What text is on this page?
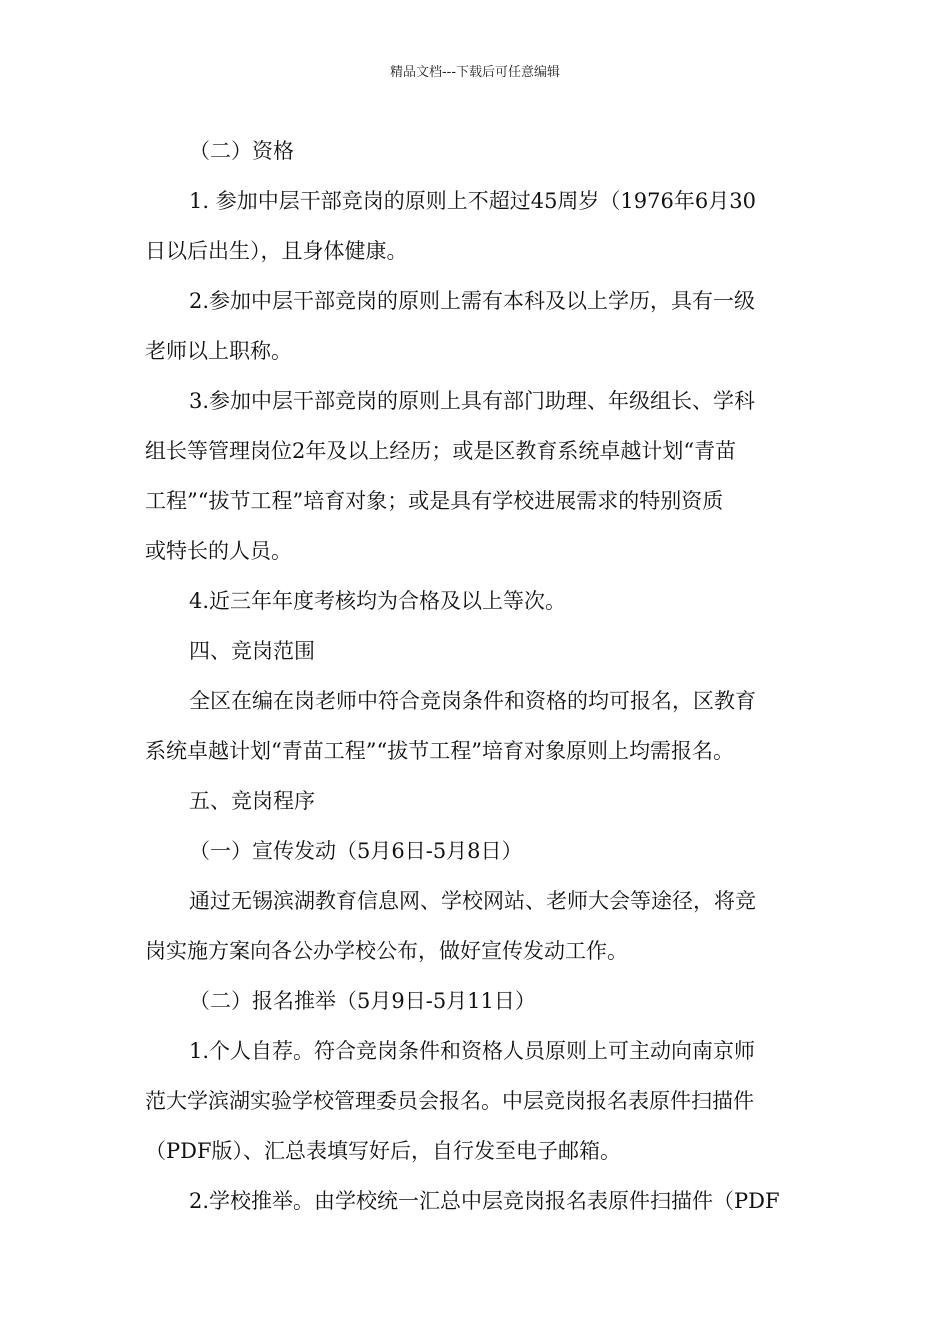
精品文档---下载后可任意编辑
（二）资格
1. 参加中层干部竞岗的原则上不超过45周岁（1976年6月30
日以后出生），且身体健康。
2.参加中层干部竞岗的原则上需有本科及以上学历，具有一级
老师以上职称。
3.参加中层干部竞岗的原则上具有部门助理、年级组长、学科
组长等管理岗位2年及以上经历；或是区教育系统卓越计划“青苗
工程”“拔节工程”培育对象；或是具有学校进展需求的特别资质
或特长的人员。
4.近三年年度考核均为合格及以上等次。
四、竞岗范围
全区在编在岗老师中符合竞岗条件和资格的均可报名，区教育
系统卓越计划“青苗工程”“拔节工程”培育对象原则上均需报名。
五、竞岗程序
（一）宣传发动（5月6日-5月8日）
通过无锡滨湖教育信息网、学校网站、老师大会等途径，将竞
岗实施方案向各公办学校公布，做好宣传发动工作。
（二）报名推举（5月9日-5月11日）
1.个人自荐。符合竞岗条件和资格人员原则上可主动向南京师
范大学滨湖实验学校管理委员会报名。中层竞岗报名表原件扫描件
（PDF版）、汇总表填写好后，自行发至电子邮箱。
2.学校推举。由学校统一汇总中层竞岗报名表原件扫描件（PDF
